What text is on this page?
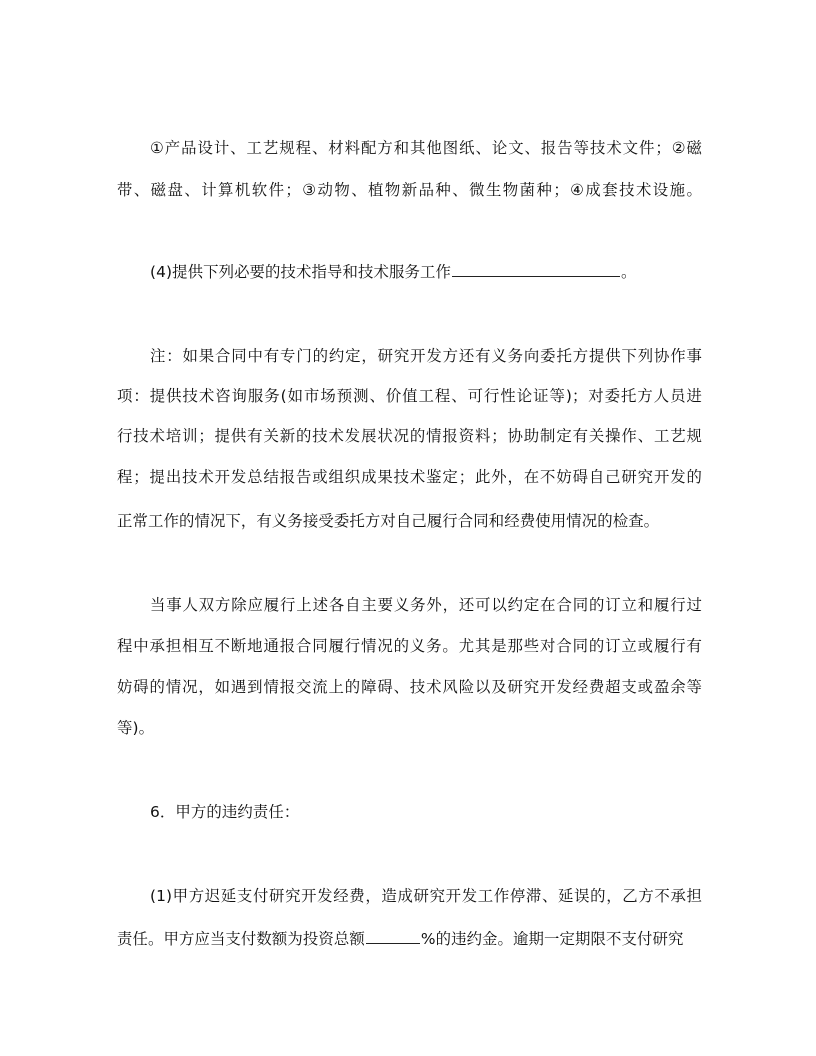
①产品设计、工艺规程、材料配方和其他图纸、论文、报告等技术文件；②磁
带、磁盘、计算机软件；③动物、植物新品种、微生物菌种；④成套技术设施。
(4)提供下列必要的技术指导和技术服务工作	。
注：如果合同中有专门的约定，研究开发方还有义务向委托方提供下列协作事
项：提供技术咨询服务(如市场预测、价值工程、可行性论证等)；对委托方人员进
行技术培训；提供有关新的技术发展状况的情报资料；协助制定有关操作、工艺规
程；提出技术开发总结报告或组织成果技术鉴定；此外，在不妨碍自己研究开发的
正常工作的情况下，有义务接受委托方对自己履行合同和经费使用情况的检查。
当事人双方除应履行上述各自主要义务外，还可以约定在合同的订立和履行过
程中承担相互不断地通报合同履行情况的义务。尤其是那些对合同的订立或履行有
妨碍的情况，如遇到情报交流上的障碍、技术风险以及研究开发经费超支或盈余等
等)。
6．甲方的违约责任：
(1)甲方迟延支付研究开发经费，造成研究开发工作停滞、延误的，乙方不承担
责任。甲方应当支付数额为投资总额	%的违约金。逾期一定期限不支付研究
